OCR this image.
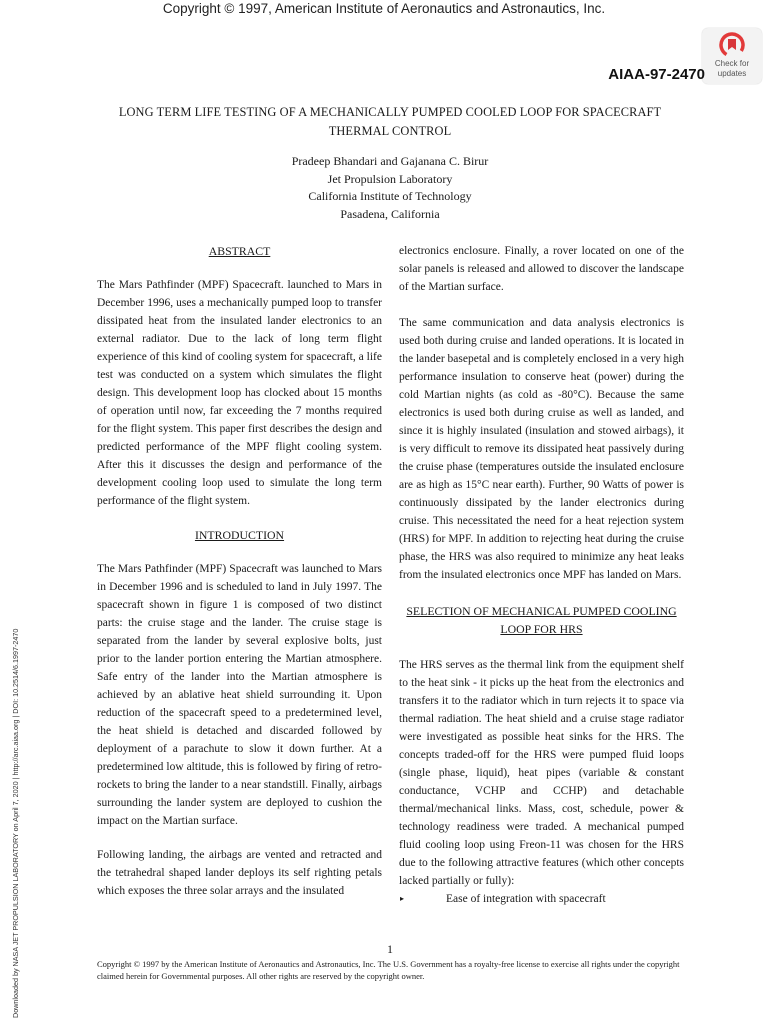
Copyright © 1997, American Institute of Aeronautics and Astronautics, Inc.
Check for
updates
AIAA-97-2470
Downloaded by NASA JET PROPULSION LABORATORY on April 7, 2020 | http://arc.aiaa.org | DOI: 10.2514/6.1997-2470
LONG TERM LIFE TESTING OF A MECHANICALLY PUMPED COOLED LOOP FOR SPACECRAFT
THERMAL CONTROL
Pradeep Bhandari and Gajanana C. Birur
Jet Propulsion Laboratory
California Institute of Technology
Pasadena, California
ABSTRACT

The Mars Pathfinder (MPF) Spacecraft. launched to Mars in December 1996, uses a mechanically pumped loop to transfer dissipated heat from the insulated lander electronics to an external radiator. Due to the lack of long term flight experience of this kind of cooling system for spacecraft, a life test was conducted on a system which simulates the flight design. This development loop has clocked about 15 months of operation until now, far exceeding the 7 months required for the flight system. This paper first describes the design and predicted performance of the MPF flight cooling system. After this it discusses the design and performance of the development cooling loop used to simulate the long term performance of the flight system.

INTRODUCTION

The Mars Pathfinder (MPF) Spacecraft was launched to Mars in December 1996 and is scheduled to land in July 1997. The spacecraft shown in figure 1 is composed of two distinct parts: the cruise stage and the lander. The cruise stage is separated from the lander by several explosive bolts, just prior to the lander portion entering the Martian atmosphere. Safe entry of the lander into the Martian atmosphere is achieved by an ablative heat shield surrounding it. Upon reduction of the spacecraft speed to a predetermined level, the heat shield is detached and discarded followed by deployment of a parachute to slow it down further. At a predetermined low altitude, this is followed by firing of retro-rockets to bring the lander to a near standstill. Finally, airbags surrounding the lander system are deployed to cushion the impact on the Martian surface.

Following landing, the airbags are vented and retracted and the tetrahedral shaped lander deploys its self righting petals which exposes the three solar arrays and the insulated

electronics enclosure. Finally, a rover located on one of the solar panels is released and allowed to discover the landscape of the Martian surface.

The same communication and data analysis electronics is used both during cruise and landed operations. It is located in the lander basepetal and is completely enclosed in a very high performance insulation to conserve heat (power) during the cold Martian nights (as cold as -80°C). Because the same electronics is used both during cruise as well as landed, and since it is highly insulated (insulation and stowed airbags), it is very difficult to remove its dissipated heat passively during the cruise phase (temperatures outside the insulated enclosure are as high as 15°C near earth). Further, 90 Watts of power is continuously dissipated by the lander electronics during cruise. This necessitated the need for a heat rejection system (HRS) for MPF. In addition to rejecting heat during the cruise phase, the HRS was also required to minimize any heat leaks from the insulated electronics once MPF has landed on Mars.

SELECTION OF MECHANICAL PUMPED COOLING
LOOP FOR HRS

The HRS serves as the thermal link from the equipment shelf to the heat sink - it picks up the heat from the electronics and transfers it to the radiator which in turn rejects it to space via thermal radiation. The heat shield and a cruise stage radiator were investigated as possible heat sinks for the HRS. The concepts traded-off for the HRS were pumped fluid loops (single phase, liquid), heat pipes (variable & constant conductance, VCHP and CCHP) and detachable thermal/mechanical links. Mass, cost, schedule, power & technology readiness were traded. A mechanical pumped fluid cooling loop using Freon-11 was chosen for the HRS due to the following attractive features (which other concepts lacked partially or fully):

▸	Ease of integration with spacecraft
1
Copyright © 1997 by the American Institute of Aeronautics and Astronautics, Inc. The U.S. Government has a royalty-free license to exercise all rights under the copyright claimed herein for Governmental purposes. All other rights are reserved by the copyright owner.
